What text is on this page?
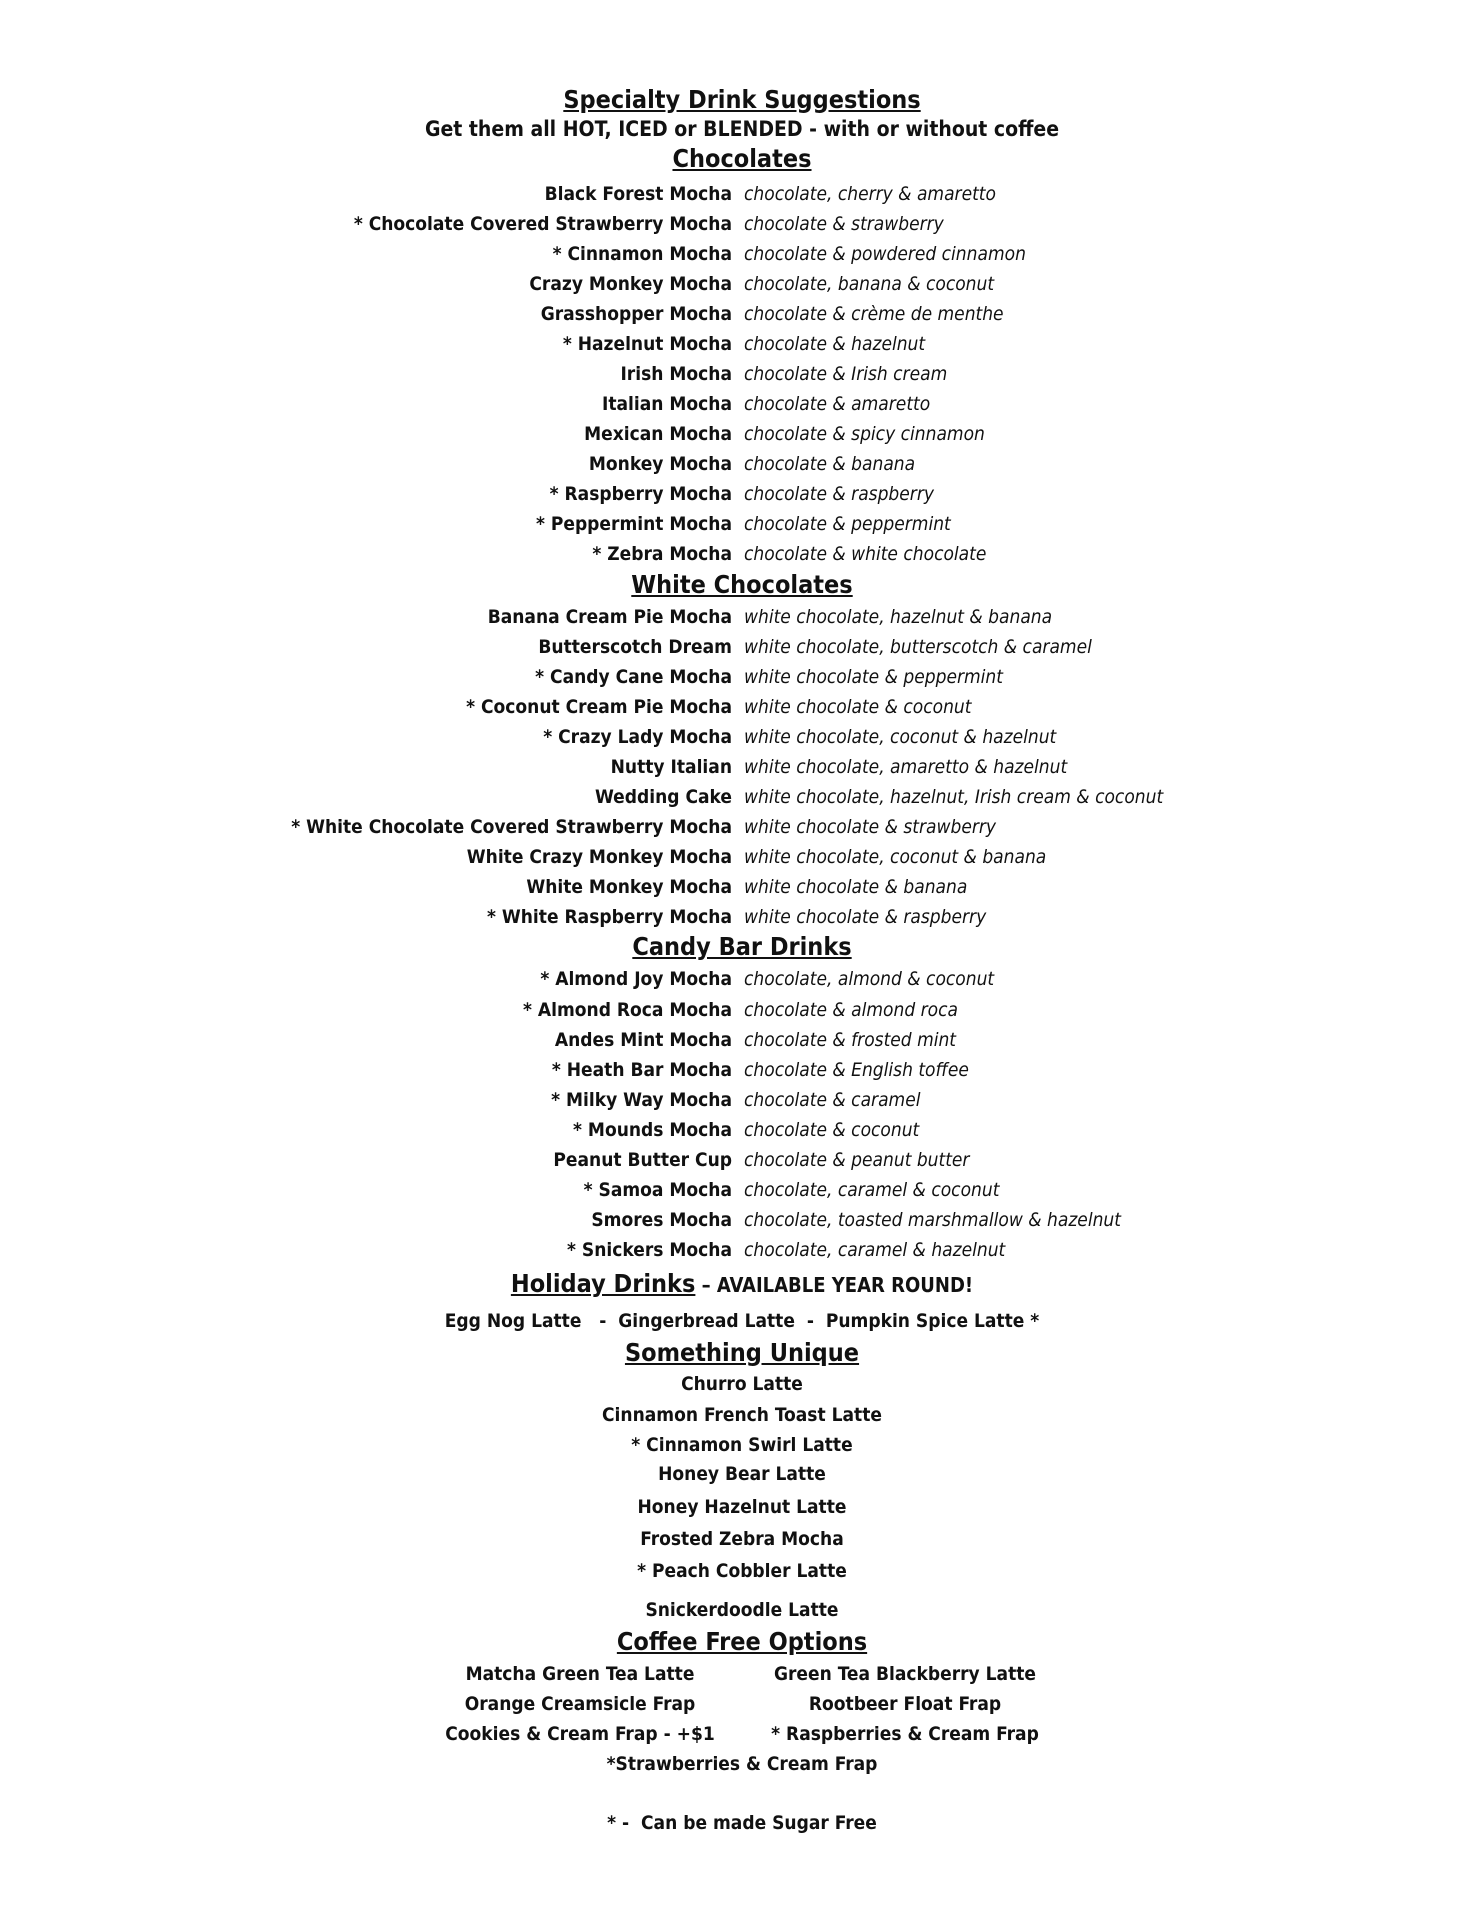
Specialty Drink Suggestions
Get them all HOT, ICED or BLENDED - with or without coffee
Chocolates
Black Forest Mocha chocolate, cherry & amaretto
* Chocolate Covered Strawberry Mocha chocolate & strawberry
* Cinnamon Mocha chocolate & powdered cinnamon
Crazy Monkey Mocha chocolate, banana & coconut
Grasshopper Mocha chocolate & crème de menthe
* Hazelnut Mocha chocolate & hazelnut
Irish Mocha chocolate & Irish cream
Italian Mocha chocolate & amaretto
Mexican Mocha chocolate & spicy cinnamon
Monkey Mocha chocolate & banana
* Raspberry Mocha chocolate & raspberry
* Peppermint Mocha chocolate & peppermint
* Zebra Mocha chocolate & white chocolate
White Chocolates
Banana Cream Pie Mocha white chocolate, hazelnut & banana
Butterscotch Dream white chocolate, butterscotch & caramel
* Candy Cane Mocha white chocolate & peppermint
* Coconut Cream Pie Mocha white chocolate & coconut
* Crazy Lady Mocha white chocolate, coconut & hazelnut
Nutty Italian white chocolate, amaretto & hazelnut
Wedding Cake white chocolate, hazelnut, Irish cream & coconut
* White Chocolate Covered Strawberry Mocha white chocolate & strawberry
White Crazy Monkey Mocha white chocolate, coconut & banana
White Monkey Mocha white chocolate & banana
* White Raspberry Mocha white chocolate & raspberry
Candy Bar Drinks
* Almond Joy Mocha chocolate, almond & coconut
* Almond Roca Mocha chocolate & almond roca
Andes Mint Mocha chocolate & frosted mint
* Heath Bar Mocha chocolate & English toffee
* Milky Way Mocha chocolate & caramel
* Mounds Mocha chocolate & coconut
Peanut Butter Cup chocolate & peanut butter
* Samoa Mocha chocolate, caramel & coconut
Smores Mocha chocolate, toasted marshmallow & hazelnut
* Snickers Mocha chocolate, caramel & hazelnut
Holiday Drinks – AVAILABLE YEAR ROUND!
Egg Nog Latte   -  Gingerbread Latte  -  Pumpkin Spice Latte *
Something Unique
Churro Latte
Cinnamon French Toast Latte
* Cinnamon Swirl Latte
Honey Bear Latte
Honey Hazelnut Latte
Frosted Zebra Mocha
* Peach Cobbler Latte
Snickerdoodle Latte
Coffee Free Options
Matcha Green Tea Latte	Green Tea Blackberry Latte
Orange Creamsicle Frap	Rootbeer Float Frap
Cookies & Cream Frap - +$1	* Raspberries & Cream Frap
*Strawberries & Cream Frap
* -  Can be made Sugar Free
